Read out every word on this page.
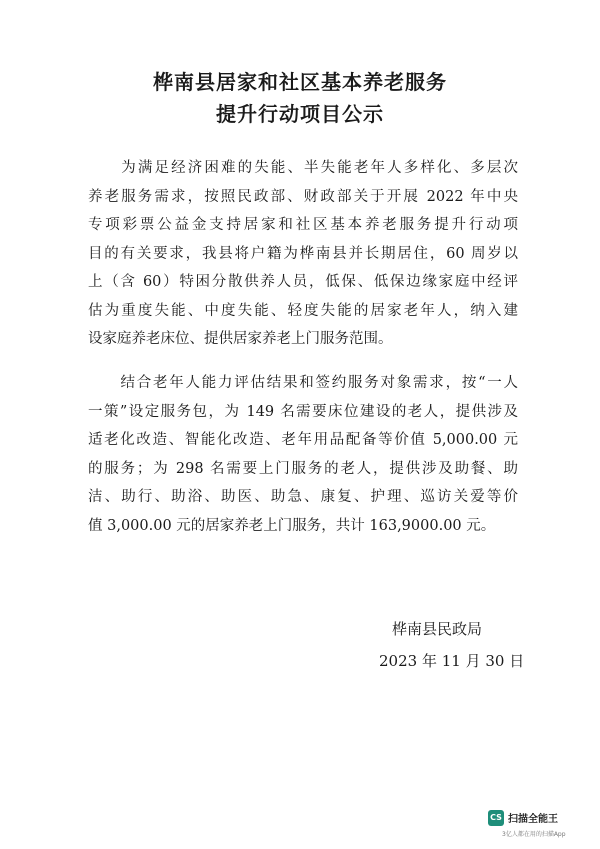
桦南县居家和社区基本养老服务
提升行动项目公示
　　为满足经济困难的失能、半失能老年人多样化、多层次
养老服务需求，按照民政部、财政部关于开展 2022 年中央
专项彩票公益金支持居家和社区基本养老服务提升行动项
目的有关要求，我县将户籍为桦南县并长期居住，60 周岁以
上（含 60）特困分散供养人员，低保、低保边缘家庭中经评
估为重度失能、中度失能、轻度失能的居家老年人，纳入建
设家庭养老床位、提供居家养老上门服务范围。
　　结合老年人能力评估结果和签约服务对象需求，按“一人
一策”设定服务包，为 149 名需要床位建设的老人，提供涉及
适老化改造、智能化改造、老年用品配备等价值 5,000.00 元
的服务；为 298 名需要上门服务的老人，提供涉及助餐、助
洁、助行、助浴、助医、助急、康复、护理、巡访关爱等价
值 3,000.00 元的居家养老上门服务，共计 163,9000.00 元。
桦南县民政局
2023 年 11 月 30 日
CS 扫描全能王
3亿人都在用的扫描App
